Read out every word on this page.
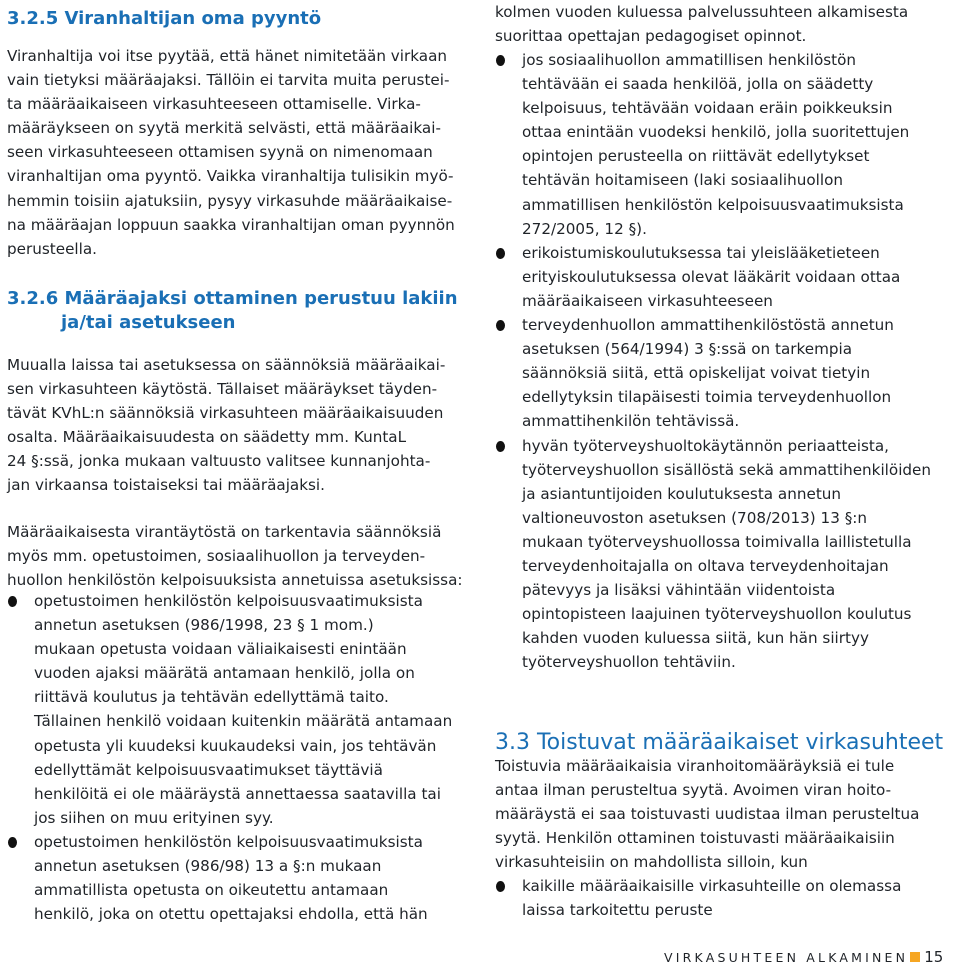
3.2.5 Viranhaltijan oma pyyntö
Viranhaltija voi itse pyytää, että hänet nimitetään virkaan
vain tietyksi määräajaksi. Tällöin ei tarvita muita perustei-
ta määräaikaiseen virkasuhteeseen ottamiselle. Virka-
määräykseen on syytä merkitä selvästi, että määräaikai-
seen virkasuhteeseen ottamisen syynä on nimenomaan
viranhaltijan oma pyyntö. Vaikka viranhaltija tulisikin myö-
hemmin toisiin ajatuksiin, pysyy virkasuhde määräaikaise-
na määräajan loppuun saakka viranhaltijan oman pyynnön
perusteella.
3.2.6 Määräajaksi ottaminen perustuu lakiin
ja/tai asetukseen
Muualla laissa tai asetuksessa on säännöksiä määräaikai-
sen virkasuhteen käytöstä. Tällaiset määräykset täyden-
tävät KVhL:n säännöksiä virkasuhteen määräaikaisuuden
osalta. Määräaikaisuudesta on säädetty mm. KuntaL
24 §:ssä, jonka mukaan valtuusto valitsee kunnanjohta-
jan virkaansa toistaiseksi tai määräajaksi.
Määräaikaisesta virantäytöstä on tarkentavia säännöksiä
myös mm. opetustoimen, sosiaalihuollon ja terveyden-
huollon henkilöstön kelpoisuuksista annetuissa asetuksissa:
opetustoimen henkilöstön kelpoisuusvaatimuksista
annetun asetuksen (986/1998, 23 § 1 mom.)
mukaan opetusta voidaan väliaikaisesti enintään
vuoden ajaksi määrätä antamaan henkilö, jolla on
riittävä koulutus ja tehtävän edellyttämä taito.
Tällainen henkilö voidaan kuitenkin määrätä antamaan
opetusta yli kuudeksi kuukaudeksi vain, jos tehtävän
edellyttämät kelpoisuusvaatimukset täyttäviä
henkilöitä ei ole määräystä annettaessa saatavilla tai
jos siihen on muu erityinen syy.
opetustoimen henkilöstön kelpoisuusvaatimuksista
annetun asetuksen (986/98) 13 a §:n mukaan
ammatillista opetusta on oikeutettu antamaan
henkilö, joka on otettu opettajaksi ehdolla, että hän
kolmen vuoden kuluessa palvelussuhteen alkamisesta
suorittaa opettajan pedagogiset opinnot.
jos sosiaalihuollon ammatillisen henkilöstön
tehtävään ei saada henkilöä, jolla on säädetty
kelpoisuus, tehtävään voidaan eräin poikkeuksin
ottaa enintään vuodeksi henkilö, jolla suoritettujen
opintojen perusteella on riittävät edellytykset
tehtävän hoitamiseen (laki sosiaalihuollon
ammatillisen henkilöstön kelpoisuusvaatimuksista
272/2005, 12 §).
erikoistumiskoulutuksessa tai yleislääketieteen
erityiskoulutuksessa olevat lääkärit voidaan ottaa
määräaikaiseen virkasuhteeseen
terveydenhuollon ammattihenkilöstöstä annetun
asetuksen (564/1994) 3 §:ssä on tarkempia
säännöksiä siitä, että opiskelijat voivat tietyin
edellytyksin tilapäisesti toimia terveydenhuollon
ammattihenkilön tehtävissä.
hyvän työterveyshuoltokäytännön periaatteista,
työterveyshuollon sisällöstä sekä ammattihenkilöiden
ja asiantuntijoiden koulutuksesta annetun
valtioneuvoston asetuksen (708/2013) 13 §:n
mukaan työterveyshuollossa toimivalla laillistetulla
terveydenhoitajalla on oltava terveydenhoitajan
pätevyys ja lisäksi vähintään viidentoista
opintopisteen laajuinen työterveyshuollon koulutus
kahden vuoden kuluessa siitä, kun hän siirtyy
työterveyshuollon tehtäviin.
3.3 Toistuvat määräaikaiset virkasuhteet
Toistuvia määräaikaisia viranhoitomääräyksiä ei tule
antaa ilman perusteltua syytä. Avoimen viran hoito-
määräystä ei saa toistuvasti uudistaa ilman perusteltua
syytä. Henkilön ottaminen toistuvasti määräaikaisiin
virkasuhteisiin on mahdollista silloin, kun
kaikille määräaikaisille virkasuhteille on olemassa
laissa tarkoitettu peruste
VIRKASUHTEEN ALKAMINEN 15
